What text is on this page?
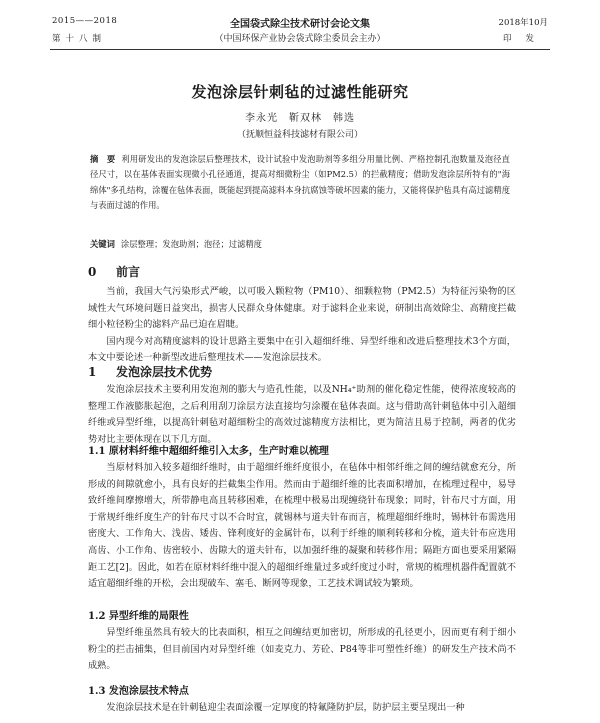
2015——2018
第十八制
全国袋式除尘技术研讨会论文集
（中国环保产业协会袋式除尘委员会主办）
2018年10月
印发
发泡涂层针刺毡的过滤性能研究
李永光　靳双林　韩选
（抚顺恒益科技滤材有限公司）
摘　要 利用研发出的发泡涂层后整理技术，设计试验中发泡助剂等多组分用量比例、严格控制孔泡数量及泡径直径尺寸，以在基体表面实现微小孔径通道，提高对细微粉尘（如PM2.5）的拦截精度；借助发泡涂层所特有的"海绵体"多孔结构，涂覆在毡体表面，既能起到提高滤料本身抗腐蚀等破坏因素的能力，又能将保护毡具有高过滤精度与表面过滤的作用。
关键词 涂层整理；发泡助剂；泡径；过滤精度
0 前言
当前，我国大气污染形式严峻，以可吸入颗粒物（PM10）、细颗粒物（PM2.5）为特征污染物的区域性大气环境问题日益突出，损害人民群众身体健康。对于滤料企业来说，研制出高效除尘、高精度拦截细小粒径粉尘的滤料产品已迫在眉睫。
国内现今对高精度滤料的设计思路主要集中在引入超细纤维、异型纤维和改进后整理技术3个方面，本文中要论述一种新型改进后整理技术——发泡涂层技术。
1 发泡涂层技术优势
发泡涂层技术主要利用发泡剂的膨大与造孔性能，以及NH₄⁺助剂的催化稳定性能，使得浓度较高的整理工作液膨胀起泡，之后利用刮刀涂层方法直接均匀涂覆在毡体表面。这与借助高针刺毡体中引入超细纤维或异型纤维，以提高针刺毡对超细粉尘的高效过滤精度方法相比，更为简洁且易于控制，两者的优劣势对比主要体现在以下几方面。
1.1 原材料纤维中超细纤维引入太多，生产时难以梳理
当原材料加入较多超细纤维时，由于超细纤维纤度很小，在毡体中相邻纤维之间的缠结就愈充分，所形成的间隙就愈小，具有良好的拦截集尘作用。然而由于超细纤维的比表面积增加，在梳理过程中，易导致纤维间摩擦增大，所带静电高且转移困难，在梳理中极易出现缠绕针布现象；同时，针布尺寸方面，用于常规纤维纤度生产的针布尺寸以不合时宜，就锡林与道夫针布而言，梳理超细纤维时，锡林针布需选用密度大、工作角大、浅齿、矮齿、锋利度好的金属针布，以利于纤维的顺利转移和分梳，道夫针布应选用高齿、小工作角、齿密较小、齿隙大的道夫针布，以加强纤维的凝聚和转移作用；隔距方面也要采用紧隔距工艺[2]。因此，如若在原材料纤维中混入的超细纤维量过多或纤度过小时，常规的梳理机器件配置就不适宜超细纤维的开松，会出现破车、塞毛、断网等现象，工艺技术调试较为繁琐。
1.2 异型纤维的局限性
异型纤维虽然具有较大的比表面积，相互之间缠结更加密切，所形成的孔径更小，因而更有利于细小粉尘的拦击捕集，但目前国内对异型纤维（如麦克力、芳砼、P84等非可塑性纤维）的研发生产技术尚不成熟。
1.3 发泡涂层技术特点
发泡涂层技术是在针刺毡迎尘表面涂覆一定厚度的特氟隆防护层，防护层主要呈现出一种
